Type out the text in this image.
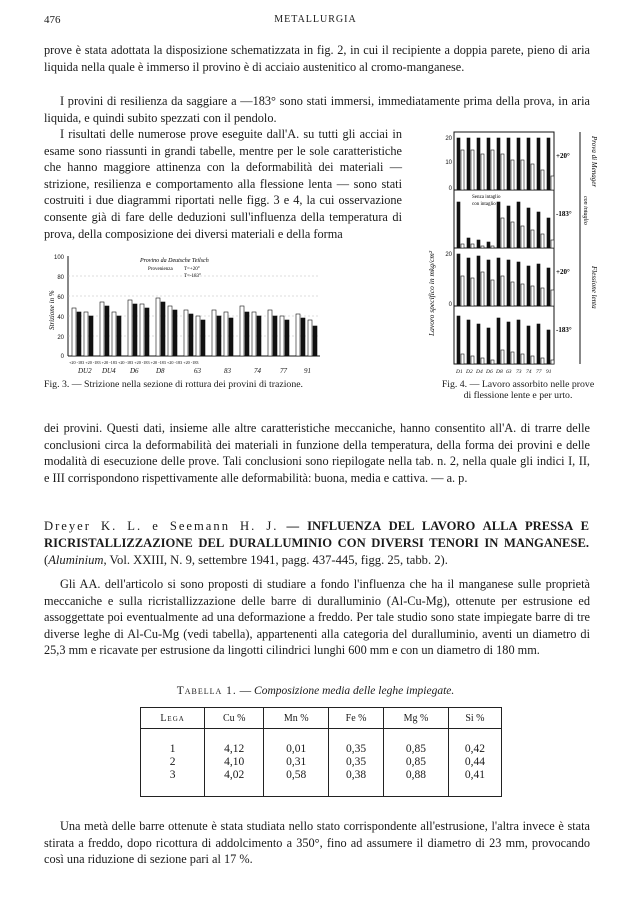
476	METALLURGIA

prove è stata adottata la disposizione schematizzata in fig. 2, in cui il recipiente a doppia parete, pieno di aria liquida nella quale è immerso il provino è di acciaio austenitico al cromo-manganese.

I provini di resilienza da saggiare a —183° sono stati immersi, immediatamente prima della prova, in aria liquida, e quindi subito spezzati con il pendolo.

I risultati delle numerose prove eseguite dall'A. su tutti gli acciai in esame sono riassunti in grandi tabelle, mentre per le sole caratteristiche che hanno maggiore attinenza con la deformabilità dei materiali — strizione, resilienza e comportamento alla flessione lenta — sono stati costruiti i due diagrammi riportati nelle figg. 3 e 4, la cui osservazione consente già di fare delle deduzioni sull'influenza della temperatura di prova, della composizione dei diversi materiali e della forma

100
80
60
40
20
0
Strizione in %
Provino da Deutsche Teilsch
Provenienza T=+20°
T=-183°
+20 -183 +20 -183 +20 -183 +20 -183 +20 -183 +20 -183 +20 -183 +20 -183
DU2 DU4 D6 D8	63	83	74	77 91
Fig. 3. — Strizione nella sezione di rottura dei provini di trazione.
20
10
0
20
0
Lavoro specifico in mkg/cm²
Senza intaglio
con intaglio
+20°
-183°
+20°
-183°
Prova di Menager
con intaglio
Flessione lenta
D1 D2 D4 D6 D8 63 73 74 77 91
Fig. 4. — Lavoro assorbito nelle prove di flessione lente e per urto.

dei provini. Questi dati, insieme alle altre caratteristiche meccaniche, hanno consentito all'A. di trarre delle conclusioni circa la deformabilità dei materiali in funzione della temperatura, della forma dei provini e delle modalità di esecuzione delle prove. Tali conclusioni sono riepilogate nella tab. n. 2, nella quale gli indici I, II, e III corrispondono rispettivamente alle deformabilità: buona, media e cattiva. — a. p.

Dreyer K. L. e Seemann H. J. — INFLUENZA DEL LAVORO ALLA PRESSA E RICRISTALLIZZAZIONE DEL DURALLUMINIO CON DIVERSI TENORI IN MANGANESE. (Aluminium, Vol. XXIII, N. 9, settembre 1941, pagg. 437-445, figg. 25, tabb. 2).

Gli AA. dell'articolo si sono proposti di studiare a fondo l'influenza che ha il manganese sulle proprietà meccaniche e sulla ricristallizzazione delle barre di duralluminio (Al-Cu-Mg), ottenute per estrusione ed assoggettate poi eventualmente ad una deformazione a freddo. Per tale studio sono state impiegate barre di tre diverse leghe di Al-Cu-Mg (vedi tabella), appartenenti alla categoria del duralluminio, aventi un diametro di 25,3 mm e ricavate per estrusione da lingotti cilindrici lunghi 600 mm e con un diametro di 180 mm.

Tabella 1. — Composizione media delle leghe impiegate.
Lega	Cu %	Mn %	Fe %	Mg %	Si %

1	4,12	0,01	0,35	0,85	0,42
2	4,10	0,31	0,35	0,85	0,44
3	4,02	0,58	0,38	0,88	0,41

Una metà delle barre ottenute è stata studiata nello stato corrispondente all'estrusione, l'altra invece è stata stirata a freddo, dopo ricottura di addolcimento a 350°, fino ad assumere il diametro di 23 mm, provocando così una riduzione di sezione pari al 17 %.
